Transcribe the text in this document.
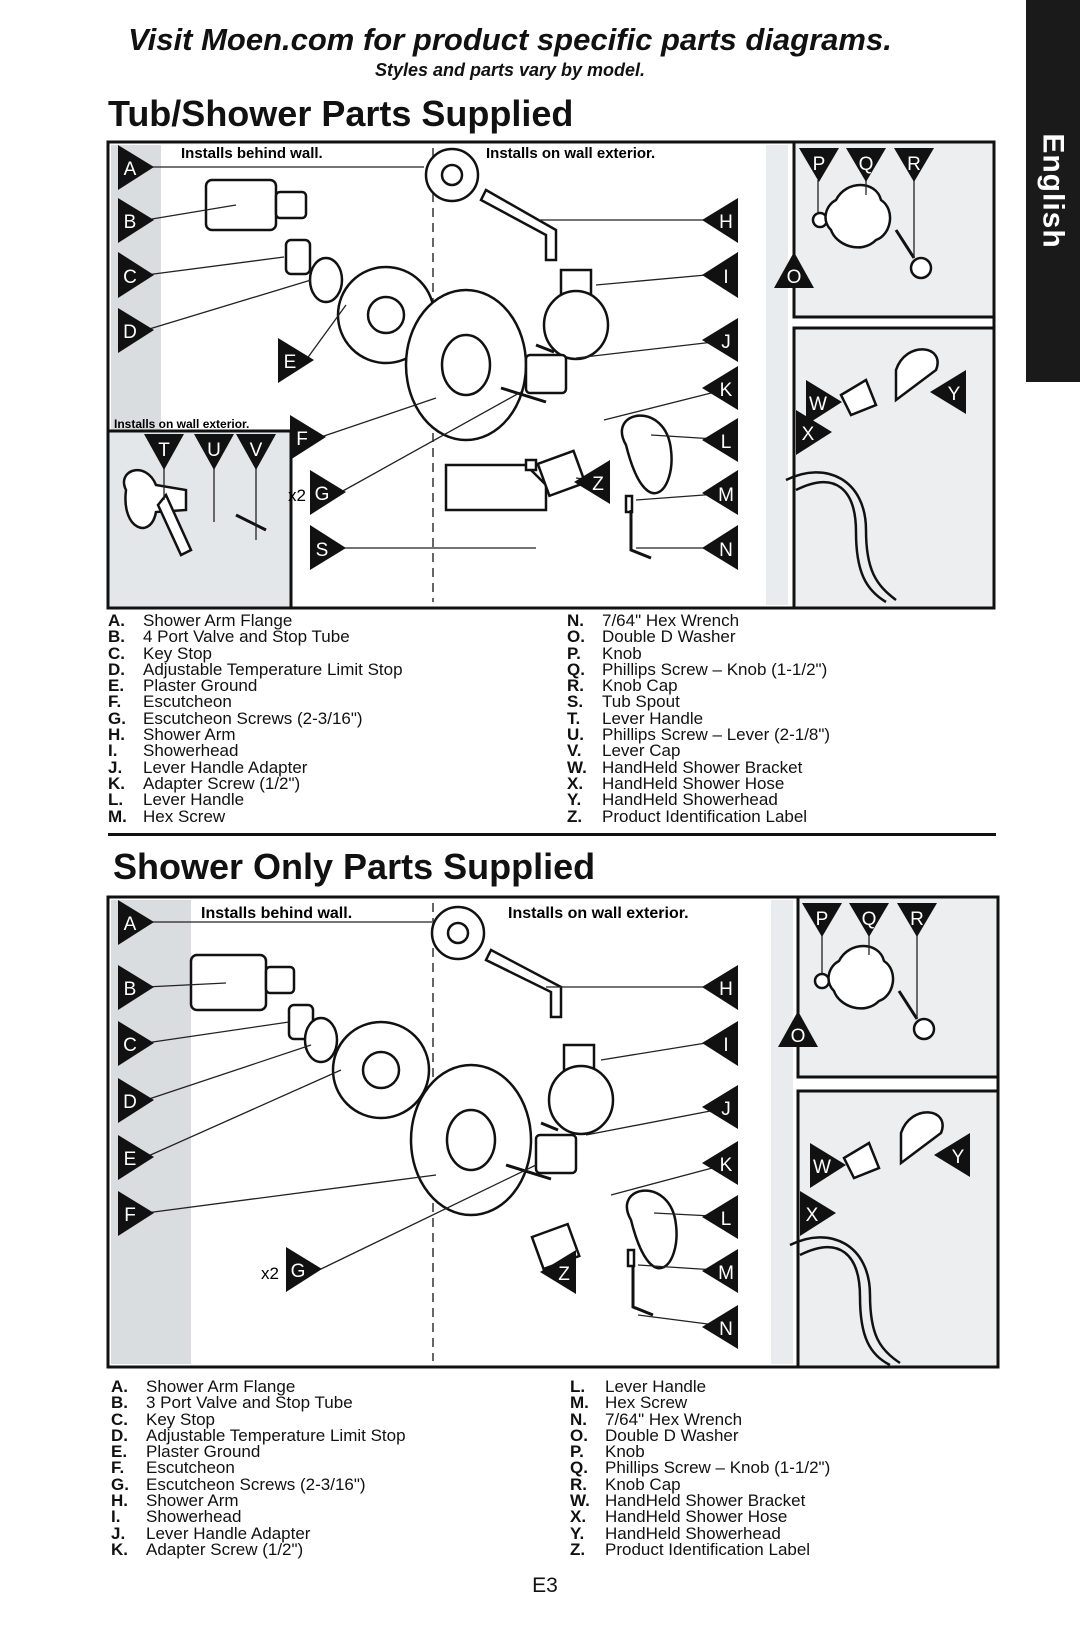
English
Visit Moen.com for product specific parts diagrams.
Styles and parts vary by model.
Tub/Shower Parts Supplied
Installs behind wall.	Installs on wall exterior.
Installs on wall exterior.
x2
A
B
C
D
E
F
G
S
X
H
I
J
K
L
M
N
Z
Y
T U V
P Q R
O
W
A.	Shower Arm Flange
B.	4 Port Valve and Stop Tube
C.	Key Stop
D.	Adjustable Temperature Limit Stop
E.	Plaster Ground
F.	Escutcheon
G.	Escutcheon Screws (2-3/16")
H.	Shower Arm
I.	Showerhead
J.	Lever Handle Adapter
K.	Adapter Screw (1/2")
L.	Lever Handle
M. Hex Screw
N.	7/64" Hex Wrench
O.	Double D Washer
P.	Knob
Q.	Phillips Screw – Knob (1-1/2")
R.	Knob Cap
S.	Tub Spout
T.	Lever Handle
U.	Phillips Screw – Lever (2-1/8")
V.	Lever Cap
W. HandHeld Shower Bracket
X.	HandHeld Shower Hose
Y.	HandHeld Showerhead
Z.	Product Identification Label
Shower Only Parts Supplied
Installs behind wall.	Installs on wall exterior.
x2
A
B
C
D
E
F
G
H
I
J
K
L
M
N
Z
P Q R
O
W
X
Y
A.	Shower Arm Flange
B.	3 Port Valve and Stop Tube
C.	Key Stop
D.	Adjustable Temperature Limit Stop
E.	Plaster Ground
F.	Escutcheon
G.	Escutcheon Screws (2-3/16")
H.	Shower Arm
I.	Showerhead
J.	Lever Handle Adapter
K.	Adapter Screw (1/2")
L.	Lever Handle
M. Hex Screw
N.	7/64" Hex Wrench
O.	Double D Washer
P.	Knob
Q.	Phillips Screw – Knob (1-1/2")
R.	Knob Cap
W. HandHeld Shower Bracket
X.	HandHeld Shower Hose
Y.	HandHeld Showerhead
Z.	Product Identification Label
E3
